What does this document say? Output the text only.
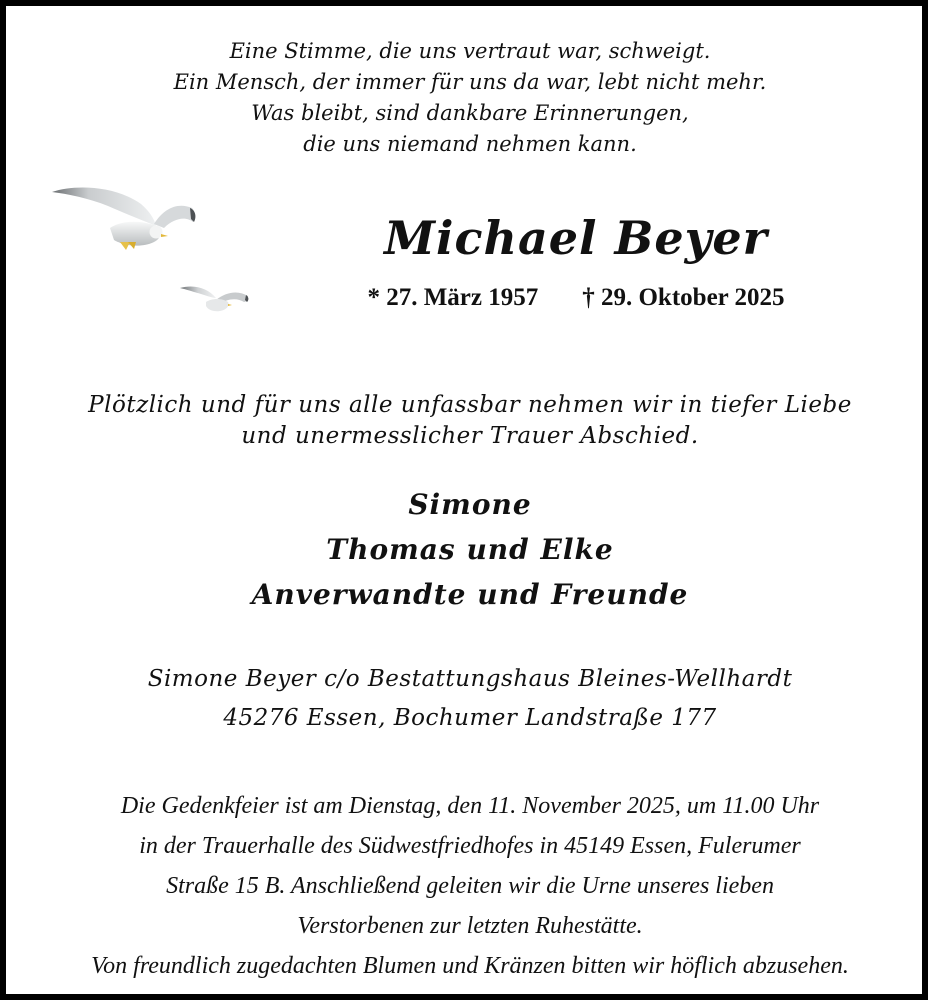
Eine Stimme, die uns vertraut war, schweigt.
Ein Mensch, der immer für uns da war, lebt nicht mehr.
Was bleibt, sind dankbare Erinnerungen,
die uns niemand nehmen kann.
Michael Beyer
* 27. März 1957 † 29. Oktober 2025
Plötzlich und für uns alle unfassbar nehmen wir in tiefer Liebe
und unermesslicher Trauer Abschied.
Simone
Thomas und Elke
Anverwandte und Freunde
Simone Beyer c/o Bestattungshaus Bleines-Wellhardt
45276 Essen, Bochumer Landstraße 177
Die Gedenkfeier ist am Dienstag, den 11. November 2025, um 11.00 Uhr
in der Trauerhalle des Südwestfriedhofes in 45149 Essen, Fulerumer
Straße 15 B. Anschließend geleiten wir die Urne unseres lieben
Verstorbenen zur letzten Ruhestätte.
Von freundlich zugedachten Blumen und Kränzen bitten wir höflich abzusehen.
